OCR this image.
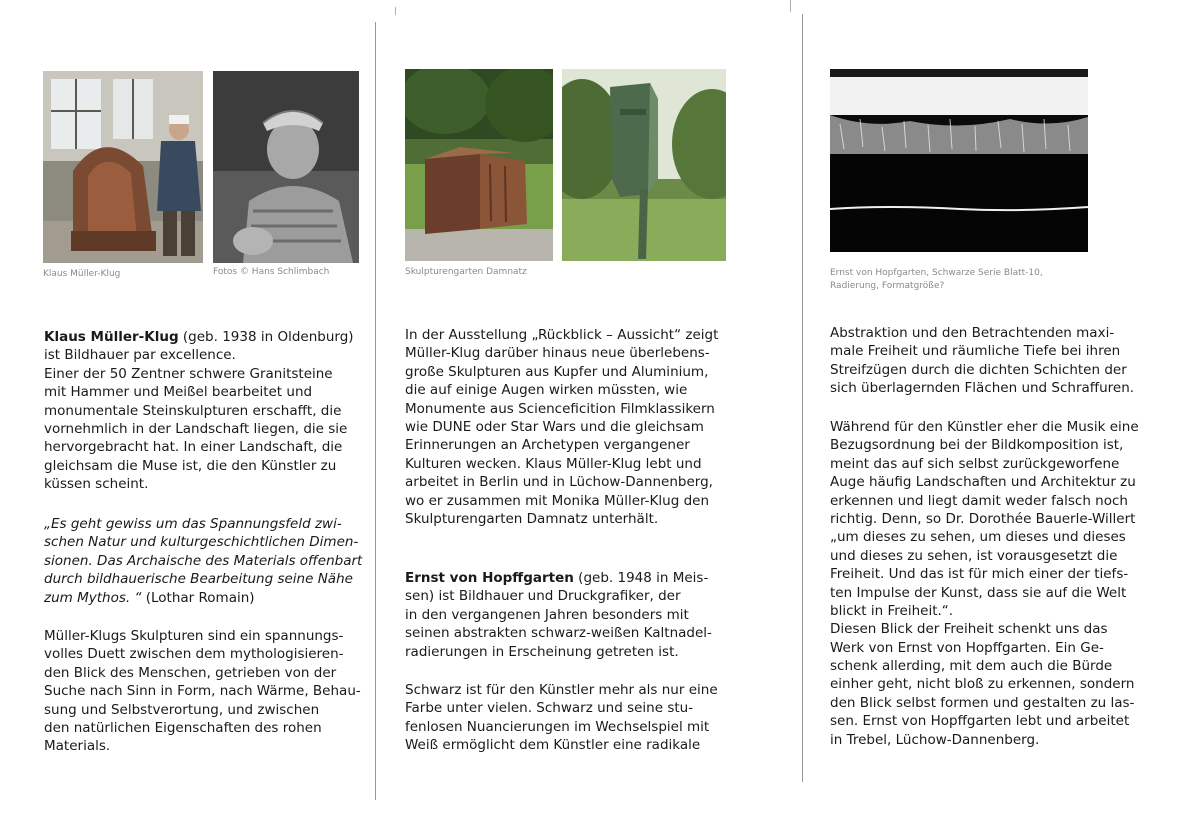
Klaus Müller-Klug	Fotos © Hans Schlimbach
Klaus Müller-Klug (geb. 1938 in Oldenburg)
ist Bildhauer par excellence.
Einer der 50 Zentner schwere Granitsteine
mit Hammer und Meißel bearbeitet und
monumentale Steinskulpturen erschafft, die
vornehmlich in der Landschaft liegen, die sie
hervorgebracht hat. In einer Landschaft, die
gleichsam die Muse ist, die den Künstler zu
küssen scheint.
„Es geht gewiss um das Spannungsfeld zwi-
schen Natur und kulturgeschichtlichen Dimen-
sionen. Das Archaische des Materials offenbart
durch bildhauerische Bearbeitung seine Nähe
zum Mythos. “ (Lothar Romain)
Müller-Klugs Skulpturen sind ein spannungs-
volles Duett zwischen dem mythologisieren-
den Blick des Menschen, getrieben von der
Suche nach Sinn in Form, nach Wärme, Behau-
sung und Selbstverortung, und zwischen
den natürlichen Eigenschaften des rohen
Materials.
Skulpturengarten Damnatz
In der Ausstellung „Rückblick – Aussicht“ zeigt
Müller-Klug darüber hinaus neue überlebens-
große Skulpturen aus Kupfer und Aluminium,
die auf einige Augen wirken müssten, wie
Monumente aus Scienceficition Filmklassikern
wie DUNE oder Star Wars und die gleichsam
Erinnerungen an Archetypen vergangener
Kulturen wecken. Klaus Müller-Klug lebt und
arbeitet in Berlin und in Lüchow-Dannenberg,
wo er zusammen mit Monika Müller-Klug den
Skulpturengarten Damnatz unterhält.
Ernst von Hopffgarten (geb. 1948 in Meis-
sen) ist Bildhauer und Druckgrafiker, der
in den vergangenen Jahren besonders mit
seinen abstrakten schwarz-weißen Kaltnadel-
radierungen in Erscheinung getreten ist.
Schwarz ist für den Künstler mehr als nur eine
Farbe unter vielen. Schwarz und seine stu-
fenlosen Nuancierungen im Wechselspiel mit
Weiß ermöglicht dem Künstler eine radikale
Ernst von Hopfgarten, Schwarze Serie Blatt-10,
Radierung, Formatgröße?
Abstraktion und den Betrachtenden maxi-
male Freiheit und räumliche Tiefe bei ihren
Streifzügen durch die dichten Schichten der
sich überlagernden Flächen und Schraffuren.
Während für den Künstler eher die Musik eine
Bezugsordnung bei der Bildkomposition ist,
meint das auf sich selbst zurückgeworfene
Auge häufig Landschaften und Architektur zu
erkennen und liegt damit weder falsch noch
richtig. Denn, so Dr. Dorothée Bauerle-Willert
„um dieses zu sehen, um dieses und dieses
und dieses zu sehen, ist vorausgesetzt die
Freiheit. Und das ist für mich einer der tiefs-
ten Impulse der Kunst, dass sie auf die Welt
blickt in Freiheit.“.
Diesen Blick der Freiheit schenkt uns das
Werk von Ernst von Hopffgarten. Ein Ge-
schenk allerding, mit dem auch die Bürde
einher geht, nicht bloß zu erkennen, sondern
den Blick selbst formen und gestalten zu las-
sen. Ernst von Hopffgarten lebt und arbeitet
in Trebel, Lüchow-Dannenberg.
